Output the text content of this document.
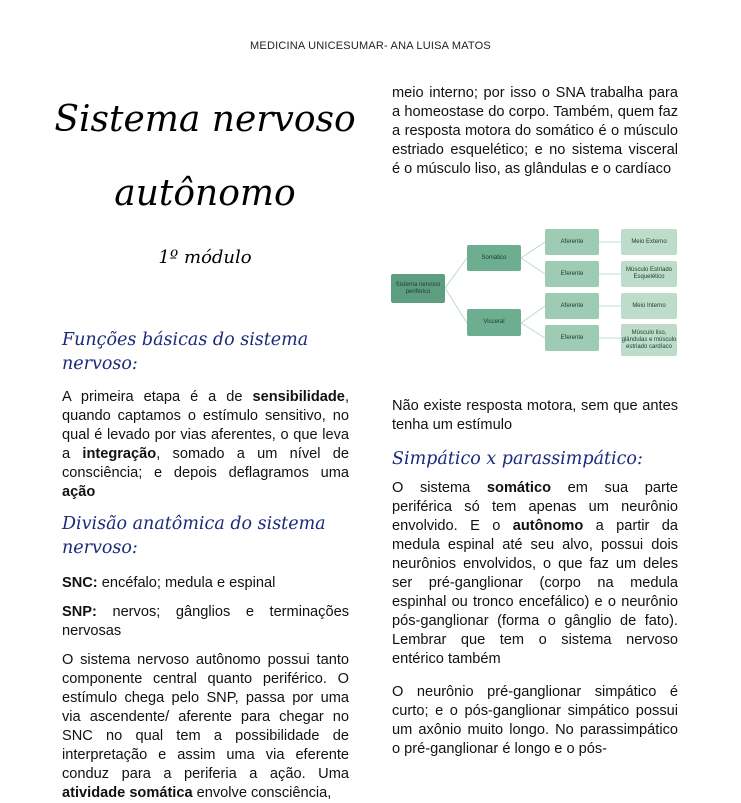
MEDICINA UNICESUMAR- ANA LUISA MATOS
Sistema nervoso
autônomo
1º módulo
Funções básicas do sistema nervoso:
A primeira etapa é a de sensibilidade, quando captamos o estímulo sensitivo, no qual é levado por vias aferentes, o que leva a integração, somado a um nível de consciência; e depois deflagramos uma ação
Divisão anatômica do sistema nervoso:
SNC: encéfalo; medula e espinal
SNP: nervos; gânglios e terminações nervosas
O sistema nervoso autônomo possui tanto componente central quanto periférico. O estímulo chega pelo SNP, passa por uma via ascendente/ aferente para chegar no SNC no qual tem a possibilidade de interpretação e assim uma via eferente conduz para a periferia a ação. Uma atividade somática envolve consciência,
meio interno; por isso o SNA trabalha para a homeostase do corpo. Também, quem faz a resposta motora do somático é o músculo estriado esquelético; e no sistema visceral é o músculo liso, as glândulas e o cardíaco
Sistema nervoso periférico
Somático
Visceral
Aferente
Eferente
Aferente
Eferente
Meio Externo
Músculo Estriado Esquelético
Meio Interno
Músculo liso, glândulas e músculo estriado cardíaco
Não existe resposta motora, sem que antes tenha um estímulo
Simpático x parassimpático:
O sistema somático em sua parte periférica só tem apenas um neurônio envolvido. E o autônomo a partir da medula espinal até seu alvo, possui dois neurônios envolvidos, o que faz um deles ser pré-ganglionar (corpo na medula espinhal ou tronco encefálico) e o neurônio pós-ganglionar (forma o gânglio de fato). Lembrar que tem o sistema nervoso entérico também
O neurônio pré-ganglionar simpático é curto; e o pós-ganglionar simpático possui um axônio muito longo. No parassimpático o pré-ganglionar é longo e o pós-
